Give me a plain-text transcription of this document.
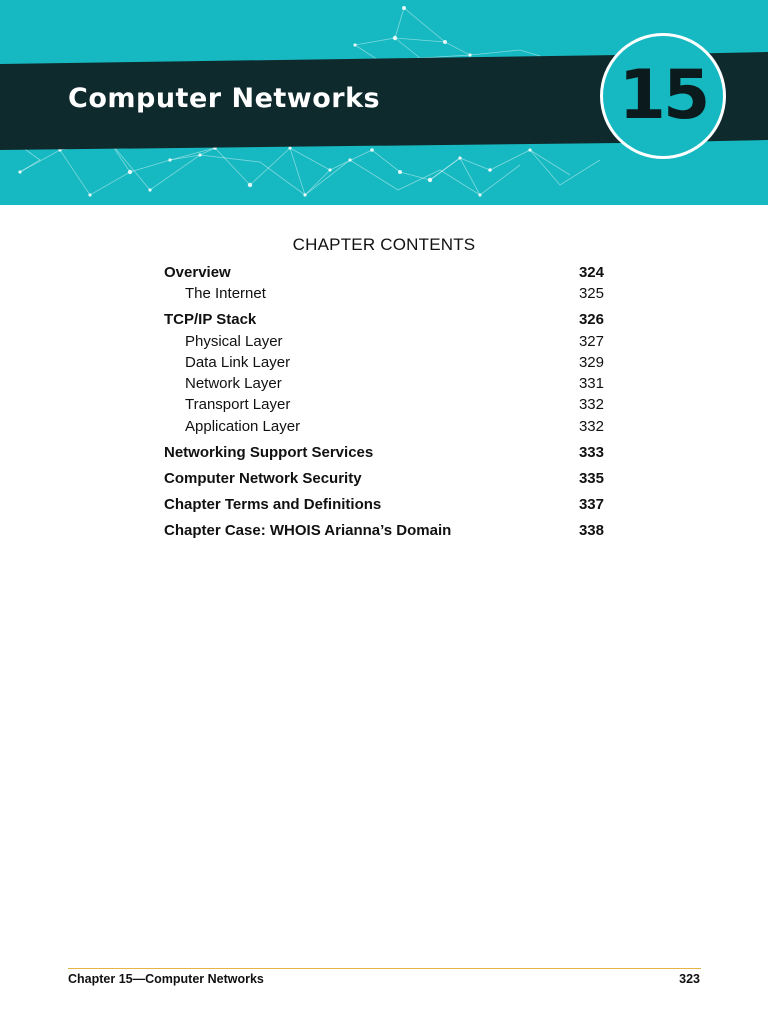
Computer Networks	15
CHAPTER CONTENTS
Overview	324
The Internet	325
TCP/IP Stack	326
Physical Layer	327
Data Link Layer	329
Network Layer	331
Transport Layer	332
Application Layer	332
Networking Support Services	333
Computer Network Security	335
Chapter Terms and Definitions	337
Chapter Case: WHOIS Arianna’s Domain	338
Chapter 15—Computer Networks	323
